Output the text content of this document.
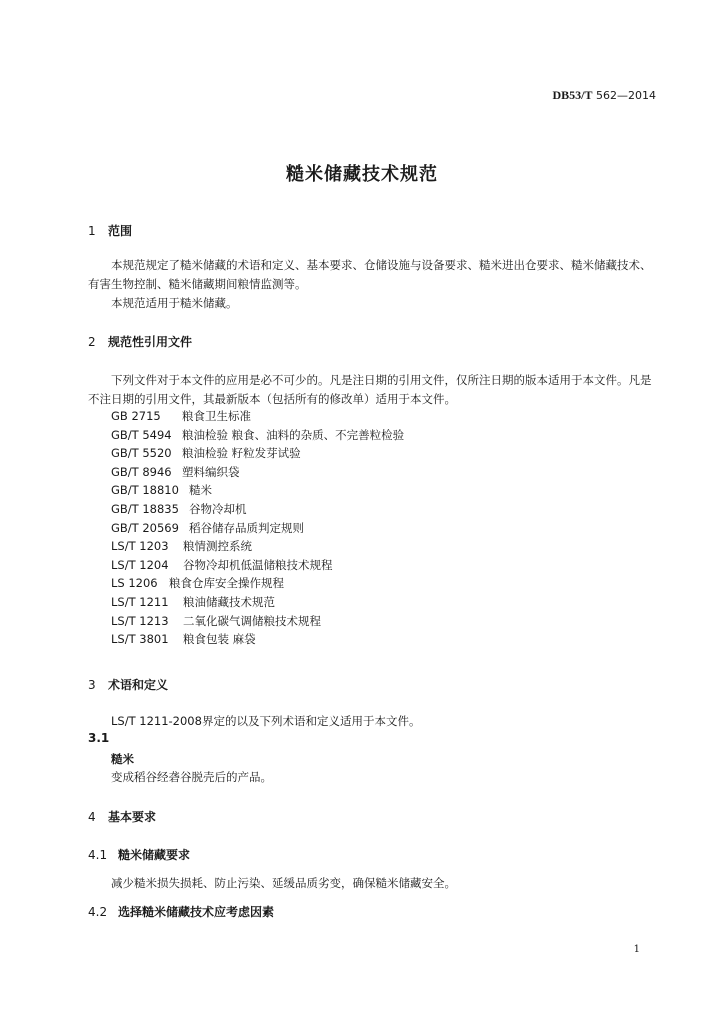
DB53/T 562—2014
糙米储藏技术规范
1 范围
本规范规定了糙米储藏的术语和定义、基本要求、仓储设施与设备要求、糙米进出仓要求、糙米储藏技术、有害生物控制、糙米储藏期间粮情监测等。
本规范适用于糙米储藏。
2 规范性引用文件
下列文件对于本文件的应用是必不可少的。凡是注日期的引用文件，仅所注日期的版本适用于本文件。凡是不注日期的引用文件，其最新版本（包括所有的修改单）适用于本文件。
GB 2715 粮食卫生标准
GB/T 5494 粮油检验 粮食、油料的杂质、不完善粒检验
GB/T 5520 粮油检验 籽粒发芽试验
GB/T 8946 塑料编织袋
GB/T 18810 糙米
GB/T 18835 谷物冷却机
GB/T 20569 稻谷储存品质判定规则
LS/T 1203 粮情测控系统
LS/T 1204 谷物冷却机低温储粮技术规程
LS 1206 粮食仓库安全操作规程
LS/T 1211 粮油储藏技术规范
LS/T 1213 二氧化碳气调储粮技术规程
LS/T 3801 粮食包装 麻袋
3 术语和定义
LS/T 1211-2008界定的以及下列术语和定义适用于本文件。
3.1
糙米
变成稻谷经砻谷脱壳后的产品。
4 基本要求
4.1 糙米储藏要求
减少糙米损失损耗、防止污染、延缓品质劣变，确保糙米储藏安全。
4.2 选择糙米储藏技术应考虑因素
1
